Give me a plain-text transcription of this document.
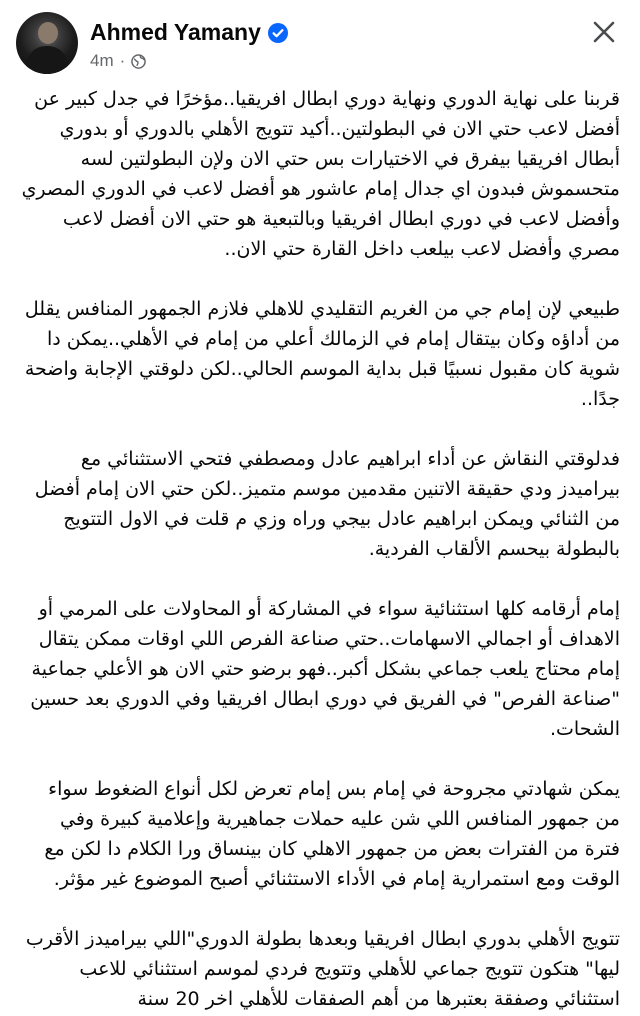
Ahmed Yamany
4m ·

قربنا على نهاية الدوري ونهاية دوري ابطال افريقيا..مؤخرًا في جدل كبير عن أفضل لاعب حتي الان في البطولتين..أكيد تتويج الأهلي بالدوري أو بدوري أبطال افريقيا بيفرق في الاختيارات بس حتي الان ولإن البطولتين لسه متحسموش فبدون اي جدال إمام عاشور هو أفضل لاعب في الدوري المصري وأفضل لاعب في دوري ابطال افريقيا وبالتبعية هو حتي الان أفضل لاعب مصري وأفضل لاعب بيلعب داخل القارة حتي الان..

طبيعي لإن إمام جي من الغريم التقليدي للاهلي فلازم الجمهور المنافس يقلل من أداؤه وكان بيتقال إمام في الزمالك أعلي من إمام في الأهلي..يمكن دا شوية كان مقبول نسبيًا قبل بداية الموسم الحالي..لكن دلوقتي الإجابة واضحة جدًا..

فدلوقتي النقاش عن أداء ابراهيم عادل ومصطفي فتحي الاستثنائي مع بيراميدز ودي حقيقة الاتنين مقدمين موسم متميز..لكن حتي الان إمام أفضل من الثنائي ويمكن ابراهيم عادل بيجي وراه وزي م قلت في الاول التتويج بالبطولة بيحسم الألقاب الفردية.

إمام أرقامه كلها استثنائية سواء في المشاركة أو المحاولات على المرمي أو الاهداف أو اجمالي الاسهامات..حتي صناعة الفرص اللي اوقات ممكن يتقال إمام محتاج يلعب جماعي بشكل أكبر..فهو برضو حتي الان هو الأعلي جماعية "صناعة الفرص" في الفريق في دوري ابطال افريقيا وفي الدوري بعد حسين الشحات.

يمكن شهادتي مجروحة في إمام بس إمام تعرض لكل أنواع الضغوط سواء من جمهور المنافس اللي شن عليه حملات جماهيرية وإعلامية كبيرة وفي فترة من الفترات بعض من جمهور الاهلي كان بينساق ورا الكلام دا لكن مع الوقت ومع استمرارية إمام في الأداء الاستثنائي أصبح الموضوع غير مؤثر.

تتويج الأهلي بدوري ابطال افريقيا وبعدها بطولة الدوري"اللي بيراميدز الأقرب ليها" هتكون تتويج جماعي للأهلي وتتويج فردي لموسم استثنائي للاعب استثنائي وصفقة بعتبرها من أهم الصفقات للأهلي اخر 20 سنة
